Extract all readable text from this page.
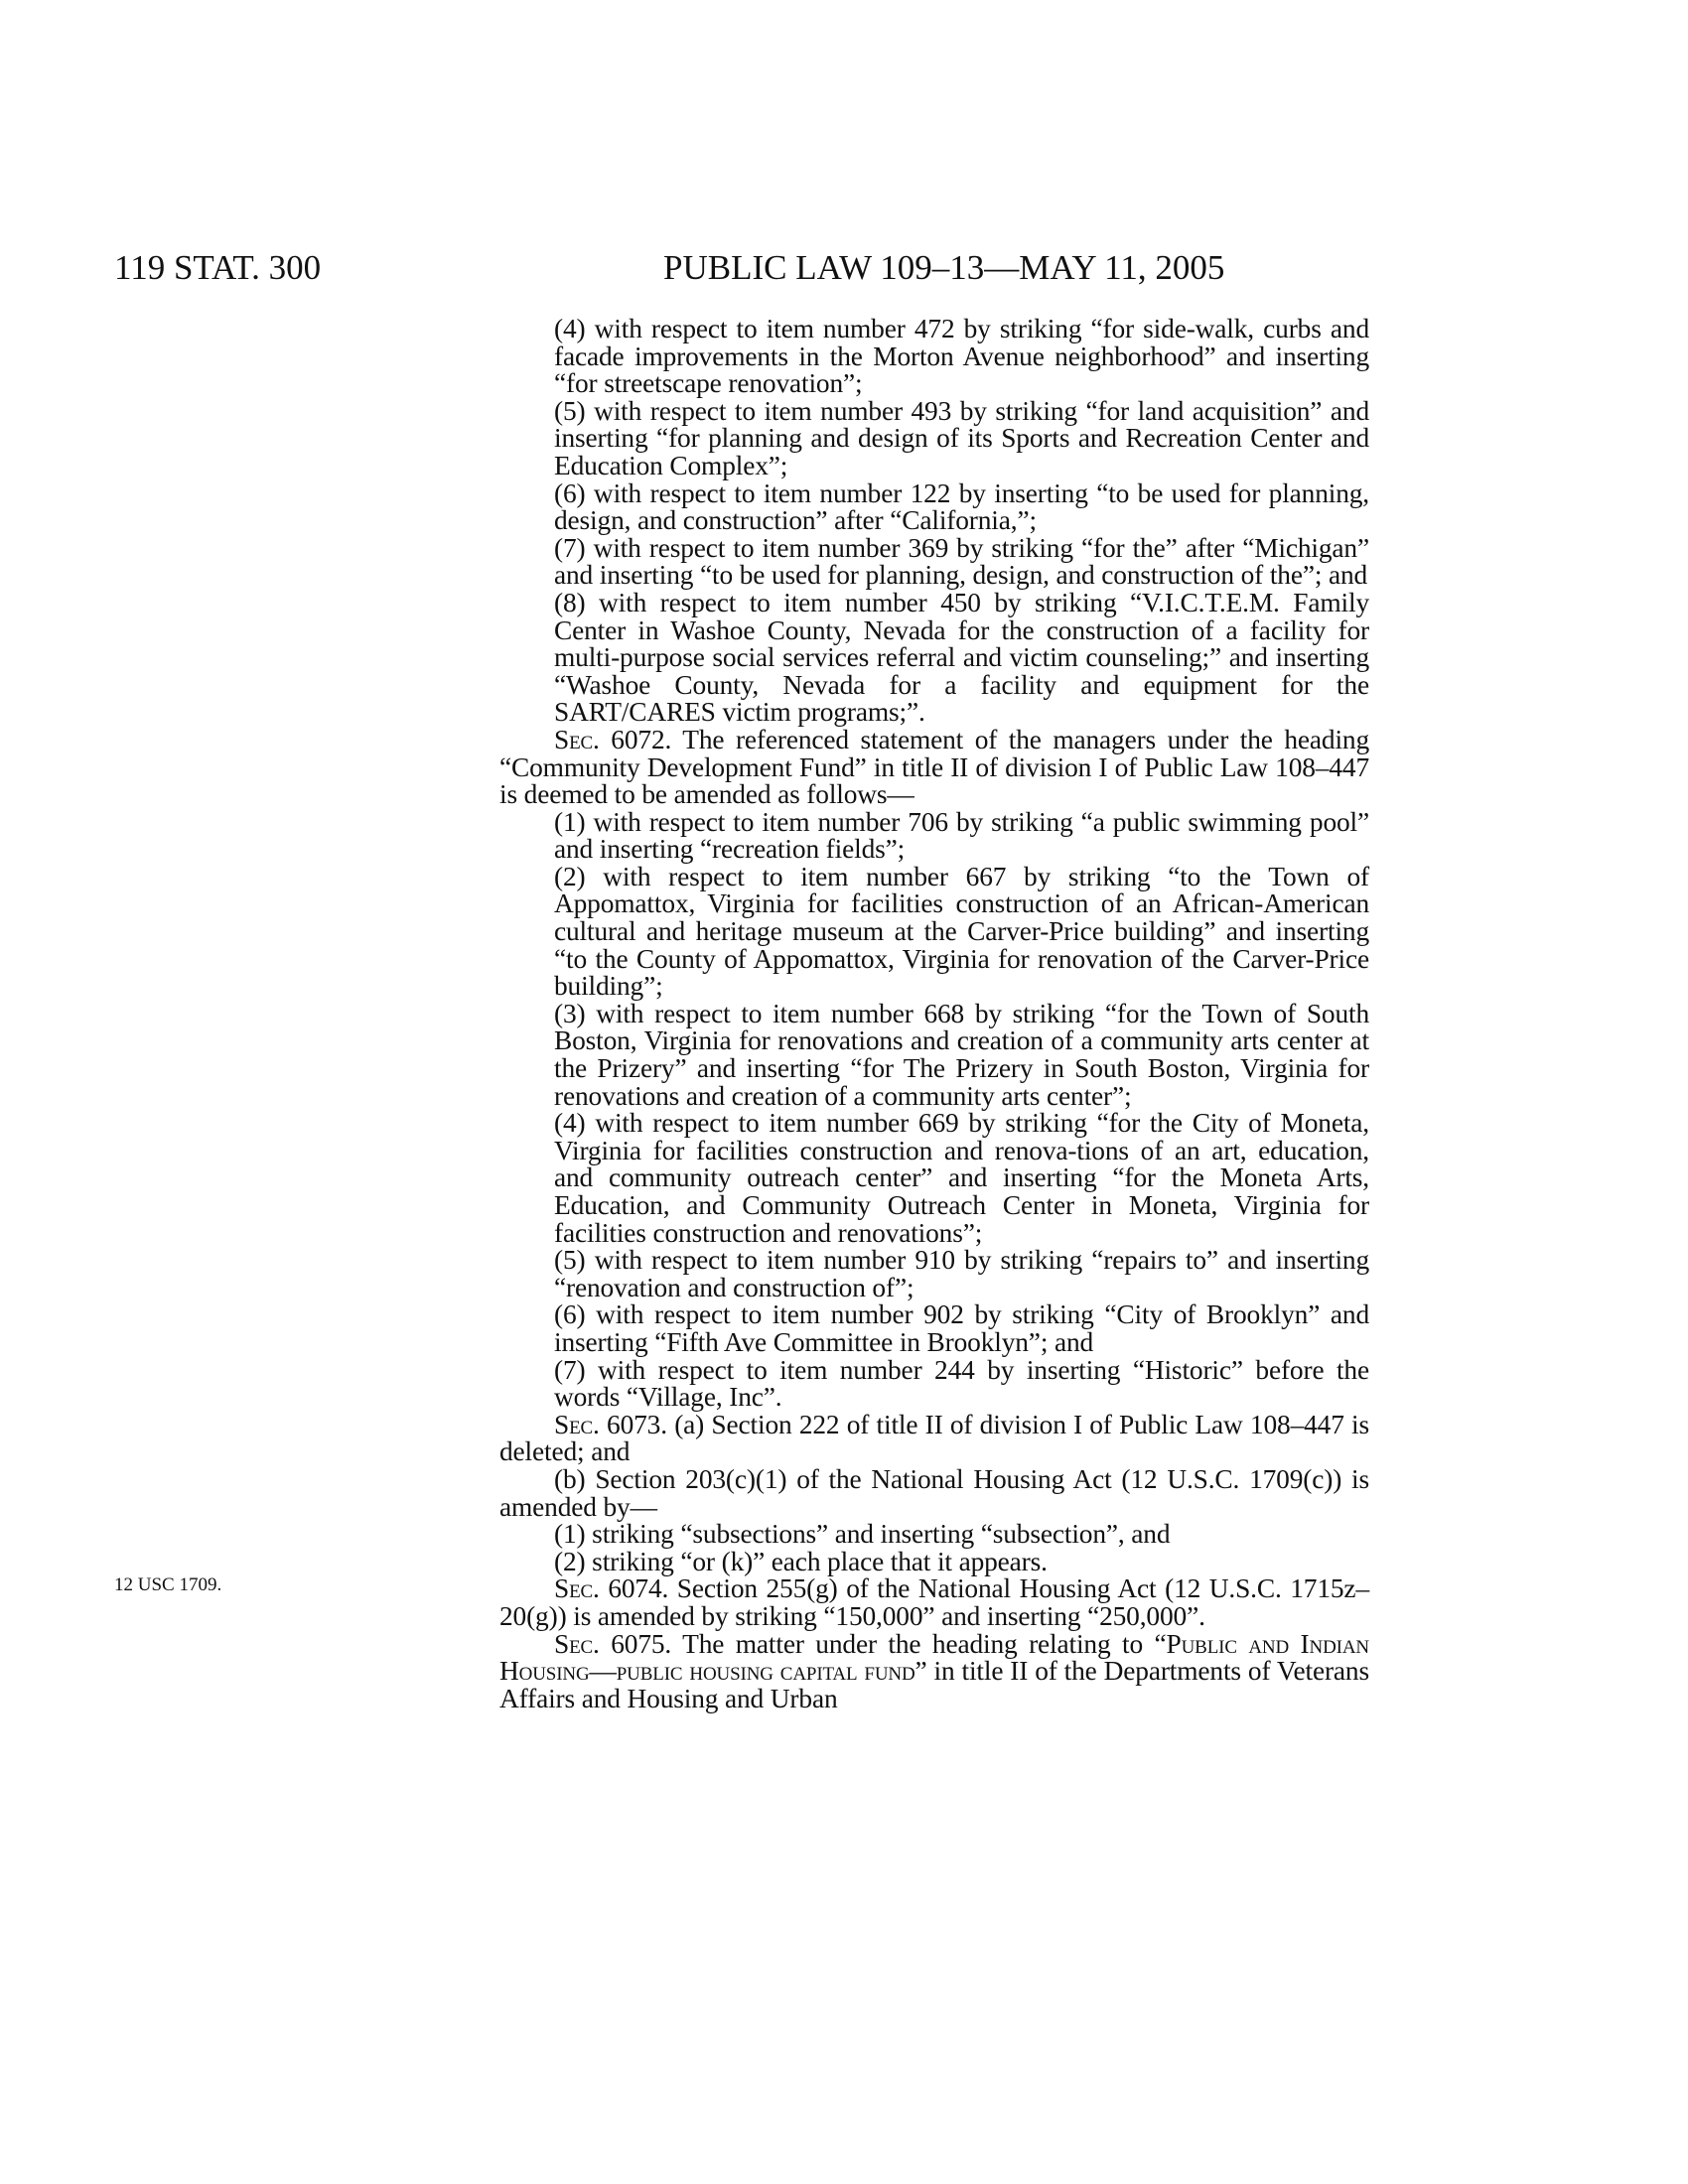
119 STAT. 300	PUBLIC LAW 109–13—MAY 11, 2005
12 USC 1709.

(4) with respect to item number 472 by striking “for side-walk, curbs and facade improvements in the Morton Avenue neighborhood” and inserting “for streetscape renovation”;

(5) with respect to item number 493 by striking “for land acquisition” and inserting “for planning and design of its Sports and Recreation Center and Education Complex”;

(6) with respect to item number 122 by inserting “to be used for planning, design, and construction” after “California,”;

(7) with respect to item number 369 by striking “for the” after “Michigan” and inserting “to be used for planning, design, and construction of the”; and

(8) with respect to item number 450 by striking “V.I.C.T.E.M. Family Center in Washoe County, Nevada for the construction of a facility for multi-purpose social services referral and victim counseling;” and inserting “Washoe County, Nevada for a facility and equipment for the SART/CARES victim programs;”.

Sec. 6072. The referenced statement of the managers under the heading “Community Development Fund” in title II of division I of Public Law 108–447 is deemed to be amended as follows—

(1) with respect to item number 706 by striking “a public swimming pool” and inserting “recreation fields”;

(2) with respect to item number 667 by striking “to the Town of Appomattox, Virginia for facilities construction of an African-American cultural and heritage museum at the Carver-Price building” and inserting “to the County of Appomattox, Virginia for renovation of the Carver-Price building”;

(3) with respect to item number 668 by striking “for the Town of South Boston, Virginia for renovations and creation of a community arts center at the Prizery” and inserting “for The Prizery in South Boston, Virginia for renovations and creation of a community arts center”;

(4) with respect to item number 669 by striking “for the City of Moneta, Virginia for facilities construction and renova-tions of an art, education, and community outreach center” and inserting “for the Moneta Arts, Education, and Community Outreach Center in Moneta, Virginia for facilities construction and renovations”;

(5) with respect to item number 910 by striking “repairs to” and inserting “renovation and construction of”;

(6) with respect to item number 902 by striking “City of Brooklyn” and inserting “Fifth Ave Committee in Brooklyn”; and

(7) with respect to item number 244 by inserting “Historic” before the words “Village, Inc”.

Sec. 6073. (a) Section 222 of title II of division I of Public Law 108–447 is deleted; and

(b) Section 203(c)(1) of the National Housing Act (12 U.S.C. 1709(c)) is amended by—

(1) striking “subsections” and inserting “subsection”, and

(2) striking “or (k)” each place that it appears.

Sec. 6074. Section 255(g) of the National Housing Act (12 U.S.C. 1715z–20(g)) is amended by striking “150,000” and inserting “250,000”.

Sec. 6075. The matter under the heading relating to “Public and Indian Housing—public housing capital fund” in title II of the Departments of Veterans Affairs and Housing and Urban
